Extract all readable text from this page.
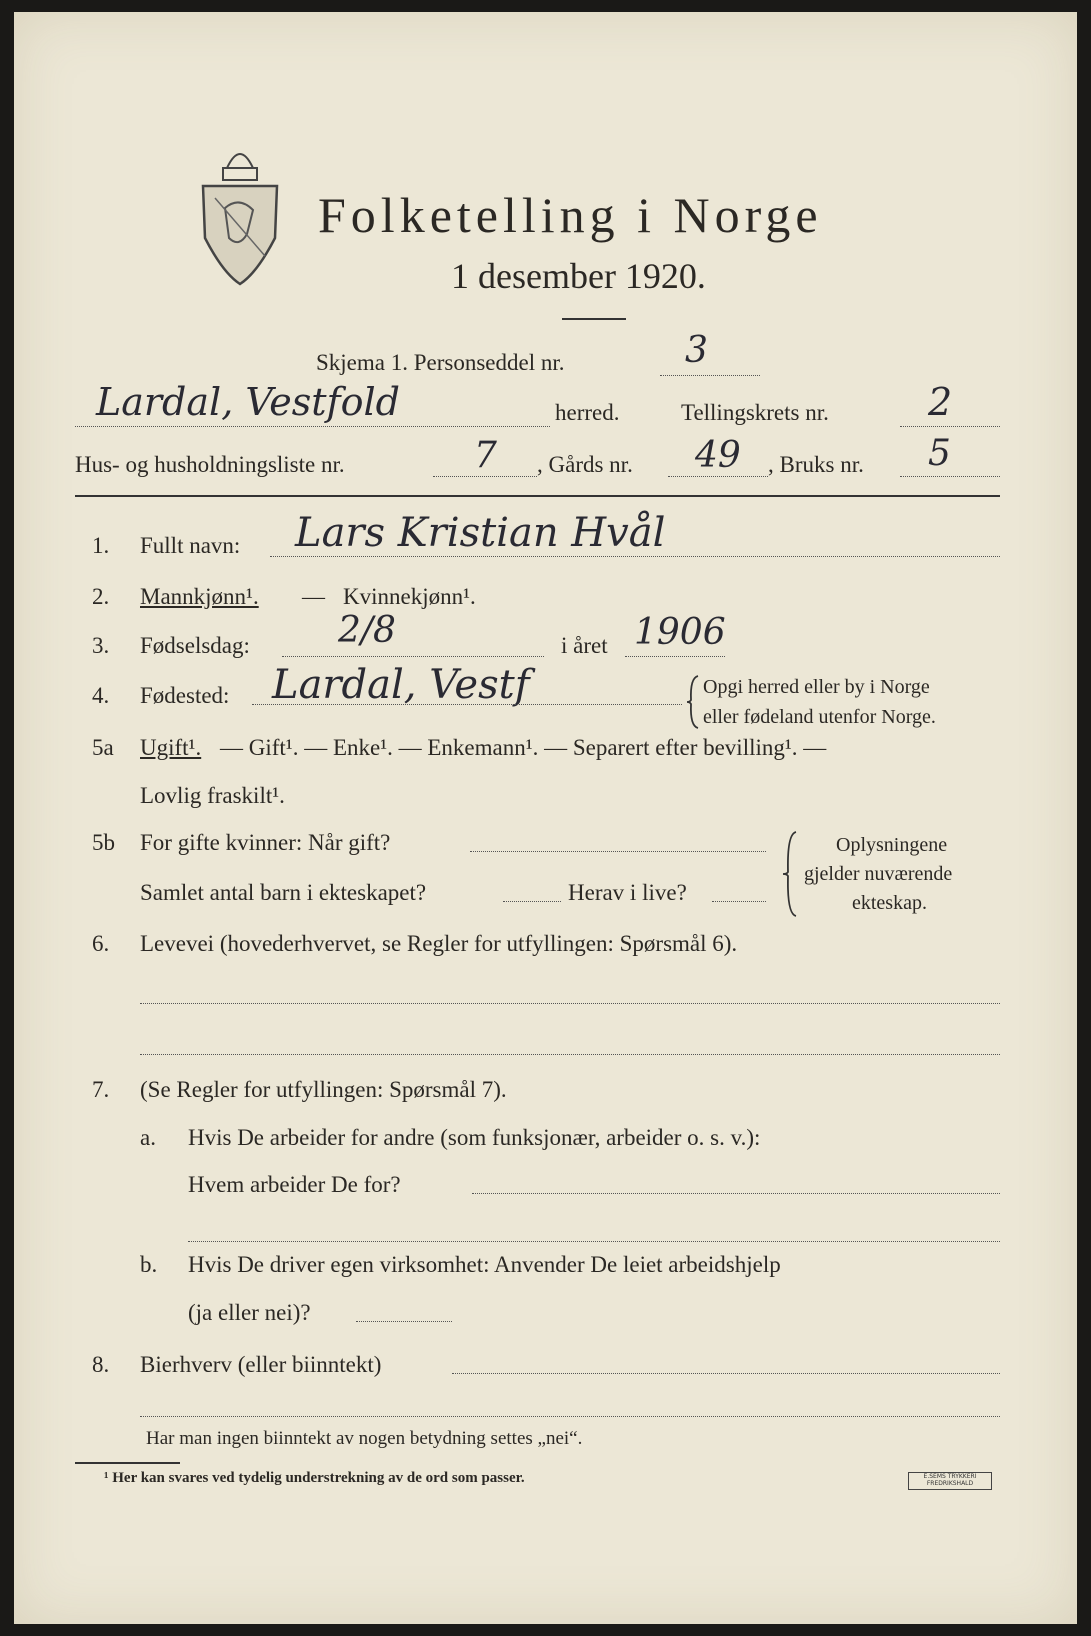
Folketelling i Norge
1 desember 1920.
Skjema 1. Personseddel nr.	3
Lardal, Vestfold	herred.	Tellingskrets nr.	2
Hus- og husholdningsliste nr.	7 , Gårds nr. 49 , Bruks nr. 5
1. Fullt navn: Lars Kristian Hvål
2. Mannkjønn¹. — Kvinnekjønn¹.
3. Fødselsdag: 2/8	i året 1906
4. Fødested: Lardal, Vestf	Opgi herred eller by i Norge
eller fødeland utenfor Norge.
5a Ugift¹. — Gift¹. — Enke¹. — Enkemann¹. — Separert efter bevilling¹. —
Lovlig fraskilt¹.
5b For gifte kvinner: Når gift?
Samlet antal barn i ekteskapet?	Herav i live?
Oplysningene
gjelder nuværende
ekteskap.
6. Levevei (hovederhvervet, se Regler for utfyllingen: Spørsmål 6).
7. (Se Regler for utfyllingen: Spørsmål 7).
a. Hvis De arbeider for andre (som funksjonær, arbeider o. s. v.):
Hvem arbeider De for?
b. Hvis De driver egen virksomhet: Anvender De leiet arbeidshjelp
(ja eller nei)?
8. Bierhverv (eller biinntekt)
Har man ingen biinntekt av nogen betydning settes „nei“.
¹ Her kan svares ved tydelig understrekning av de ord som passer.	E.SEMS TRYKKERI FREDRIKSHALD
